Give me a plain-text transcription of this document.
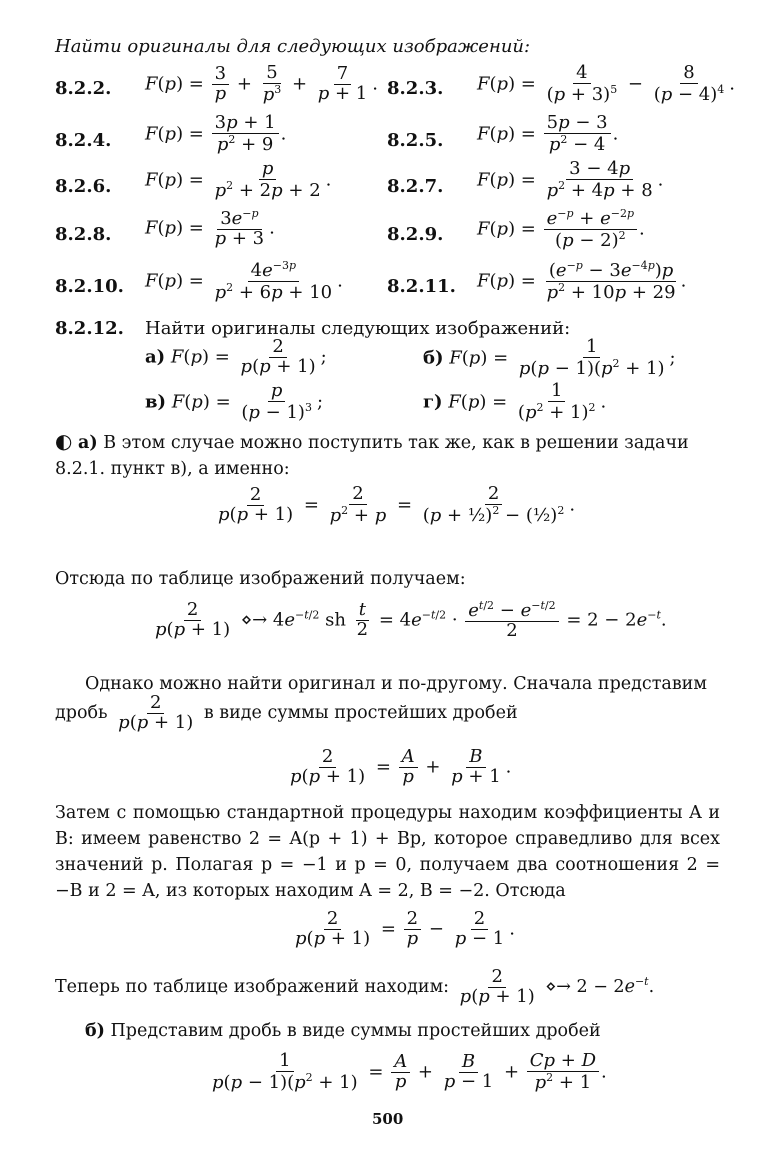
Найти оригиналы для следующих изображений:
8.2.2. $F(p) = \frac{3}{p} + \frac{5}{p^3} + \frac{7}{p + 1}$ . 8.2.3. $F(p) = \frac{4}{(p + 3)^5} - \frac{8}{(p - 4)^4}$ .
8.2.4. $F(p) = \frac{3p + 1}{p^2 + 9}$ .	8.2.5. $F(p) = \frac{5p - 3}{p^2 - 4}$ .
8.2.6. $F(p) = \frac{p}{p^2 + 2p + 2}$ .	8.2.7. $F(p) = \frac{3 - 4p}{p^2 + 4p + 8}$ .
8.2.8. $F(p) = \frac{3e^{-p}}{p + 3}$ .	8.2.9. $F(p) = \frac{e^{-p} + e^{-2p}}{(p - 2)^2}$ .
8.2.10. $F(p) = \frac{4e^{-3p}}{p^2 + 6p + 10}$ . 8.2.11. $F(p) = \frac{(e^{-p} - 3e^{-4p})p}{p^2 + 10p + 29}$ .
8.2.12. Найти оригиналы следующих изображений:
а) $F(p) = \frac{2}{p(p + 1)}$ ;	б) $F(p) = \frac{1}{p(p - 1)(p^2 + 1)}$ ;
в) $F(p) = \frac{p}{(p - 1)^3}$ ;	г) $F(p) = \frac{1}{(p^2 + 1)^2}$ .
◐ а) В этом случае можно поступить так же, как в решении задачи 8.2.1. пункт в), а именно:
$\frac{2}{p(p + 1)} = \frac{2}{p^2 + p} = \frac{2}{(p + \frac{1}{2})^2 - (\frac{1}{2})^2}$ .
Отсюда по таблице изображений получаем:
$\frac{2}{p(p + 1)}$ ⋄→ $4e^{-t/2}$ sh $\frac{t}{2} = 4e^{-t/2} \cdot \frac{e^{t/2} - e^{-t/2}}{2} = 2 - 2e^{-t}$.
Однако можно найти оригинал и по-другому. Сначала представим
дробь $\frac{2}{p(p + 1)}$ в виде суммы простейших дробей
$\frac{2}{p(p + 1)} = \frac{A}{p} + \frac{B}{p + 1}$ .
Затем с помощью стандартной процедуры находим коэффициенты A и B: имеем равенство 2 = A(p + 1) + Bp, которое справедливо для всех значений p. Полагая p = −1 и p = 0, получаем два соотношения 2 = −B и 2 = A, из которых находим A = 2, B = −2. Отсюда
$\frac{2}{p(p + 1)} = \frac{2}{p} - \frac{2}{p - 1}$ .
Теперь по таблице изображений находим: $\frac{2}{p(p + 1)}$ ⋄→ $2 - 2e^{-t}$.
б) Представим дробь в виде суммы простейших дробей
$\frac{1}{p(p - 1)(p^2 + 1)} = \frac{A}{p} + \frac{B}{p - 1} + \frac{Cp + D}{p^2 + 1}$ .
500
